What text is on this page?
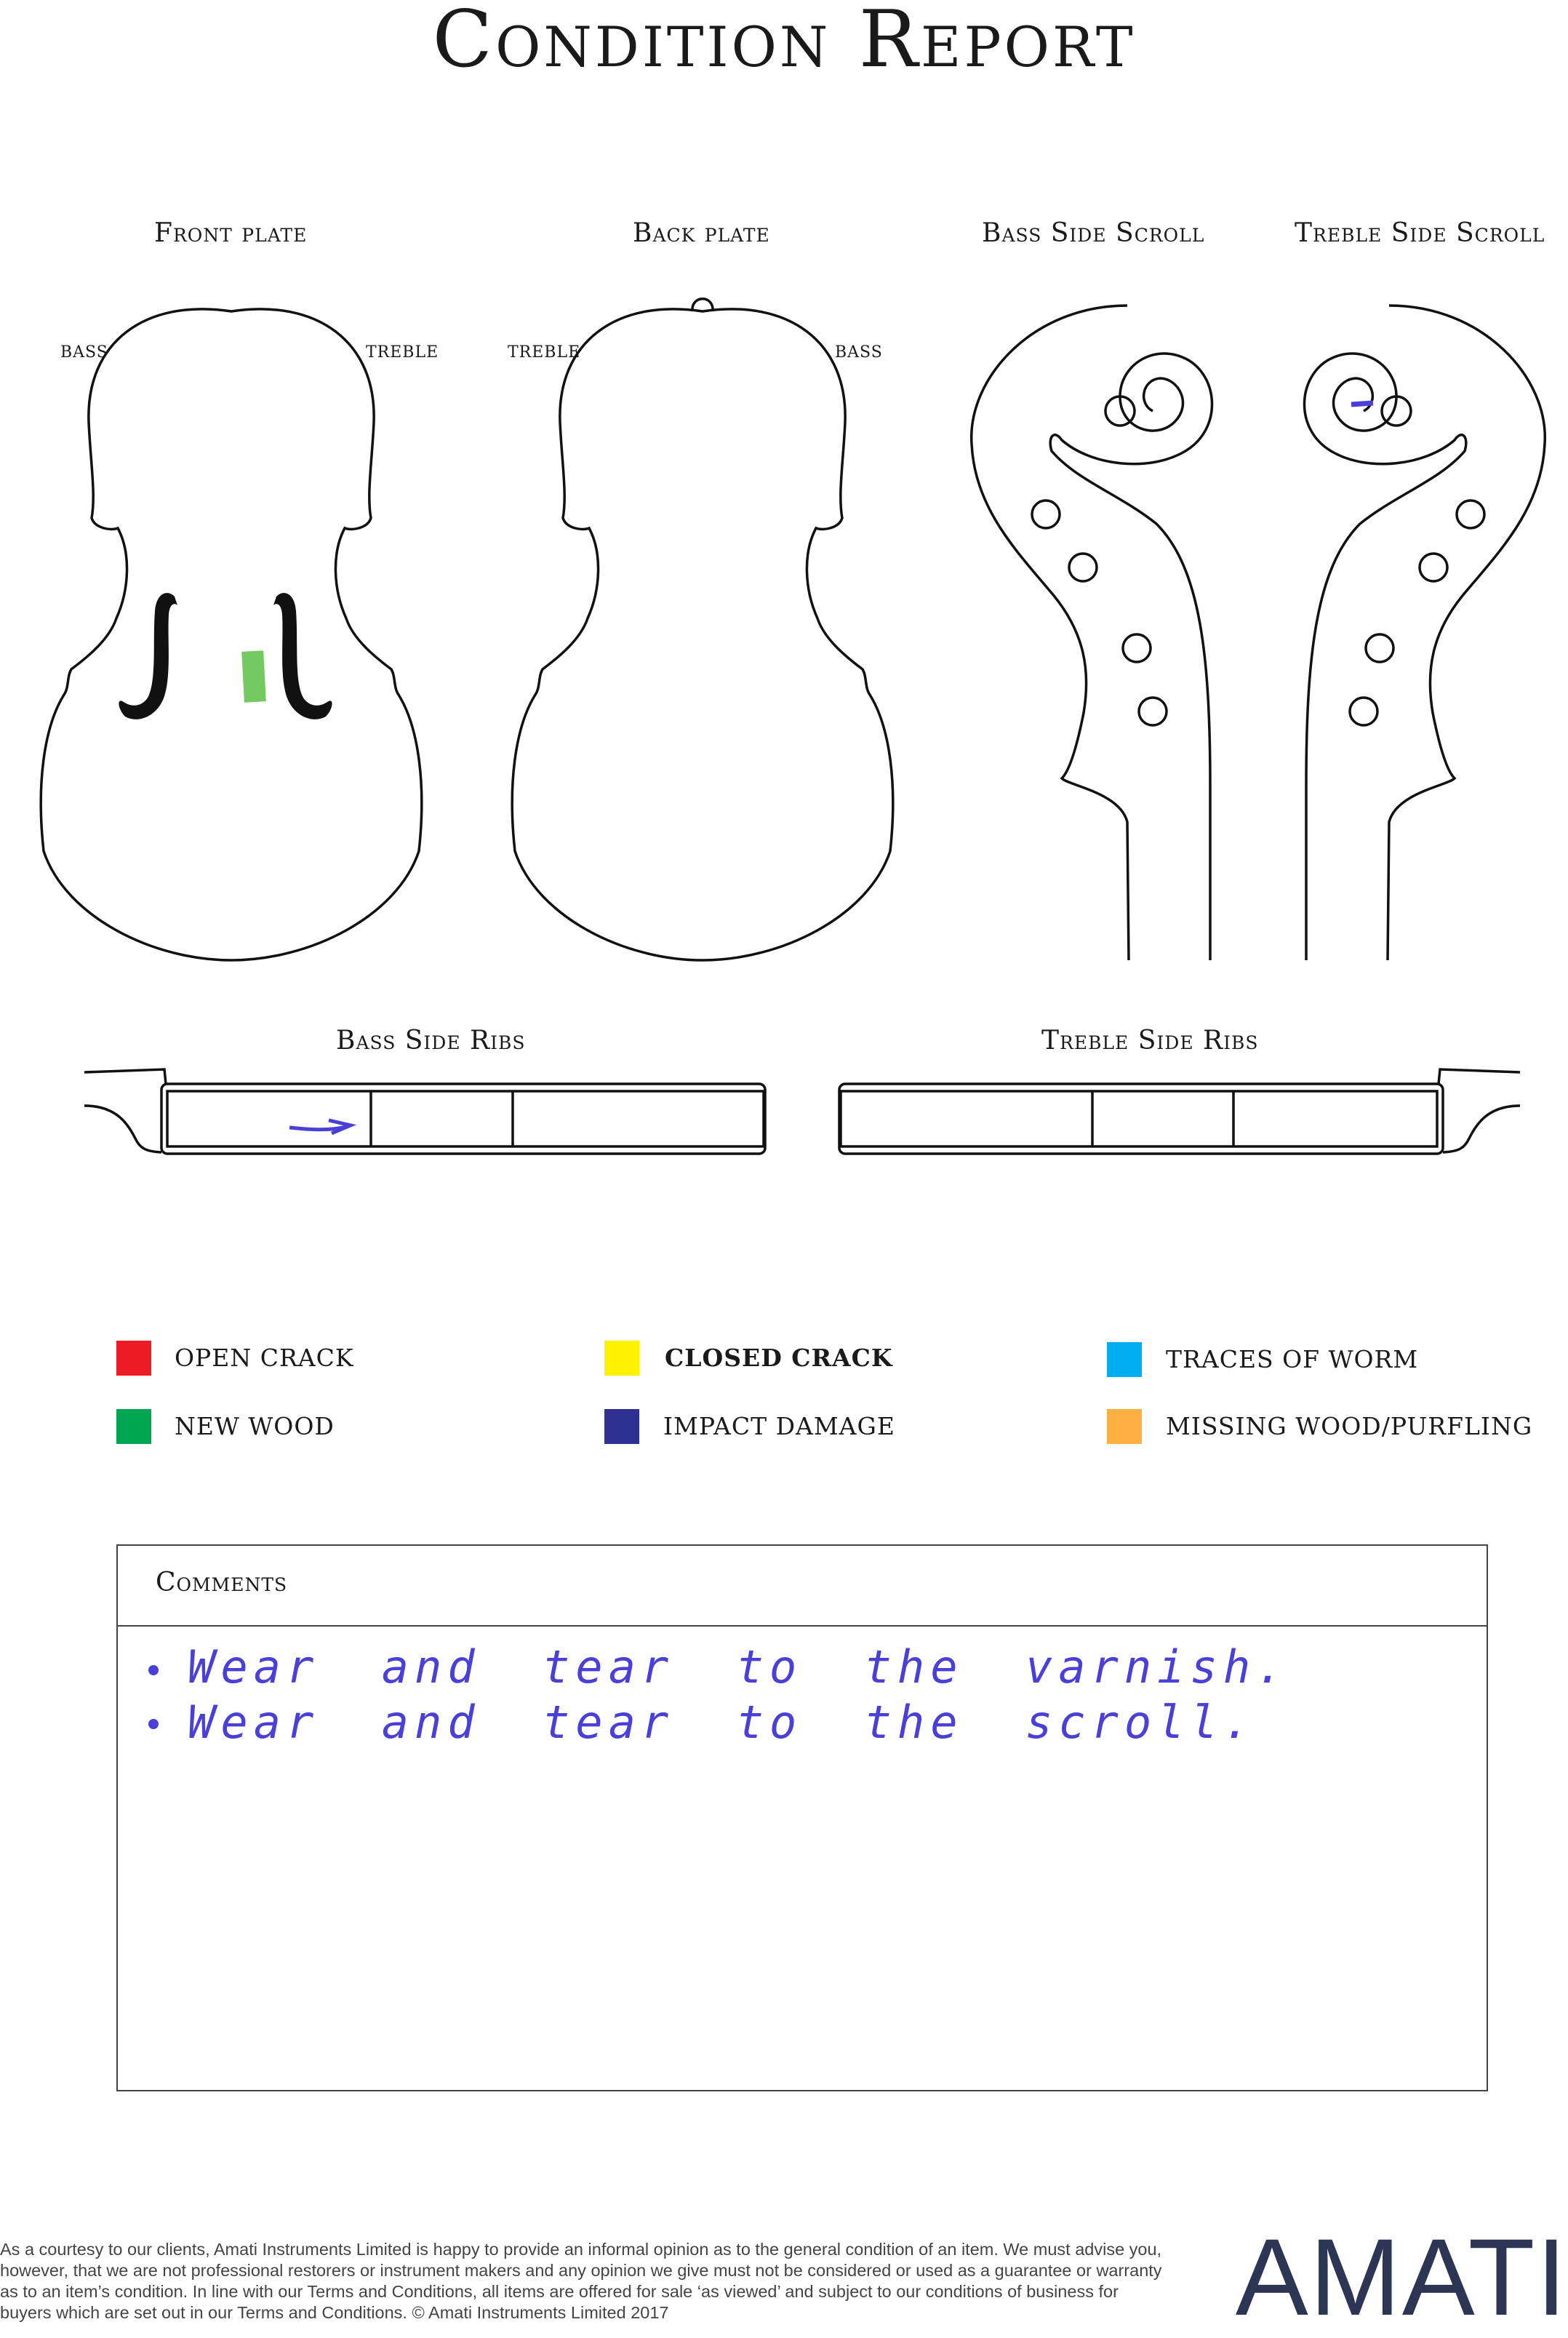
Condition Report
Front plate	Back plate	Bass Side Scroll	Treble Side Scroll
Bass Side Ribs	Treble Side Ribs
BASS	TREBLE	TREBLE	BASS
OPEN CRACK	CLOSED CRACK	TRACES OF WORM
NEW WOOD	IMPACT DAMAGE	MISSING WOOD/PURFLING
Comments
Wear and tear to the varnish.
Wear and tear to the scroll.
As a courtesy to our clients, Amati Instruments Limited is happy to provide an informal opinion as to the general condition of an item. We must advise you, however, that we are not professional restorers or instrument makers and any opinion we give must not be considered or used as a guarantee or warranty as to an item’s condition. In line with our Terms and Conditions, all items are offered for sale ‘as viewed’ and subject to our conditions of business for buyers which are set out in our Terms and Conditions. © Amati Instruments Limited 2017	AMATI
